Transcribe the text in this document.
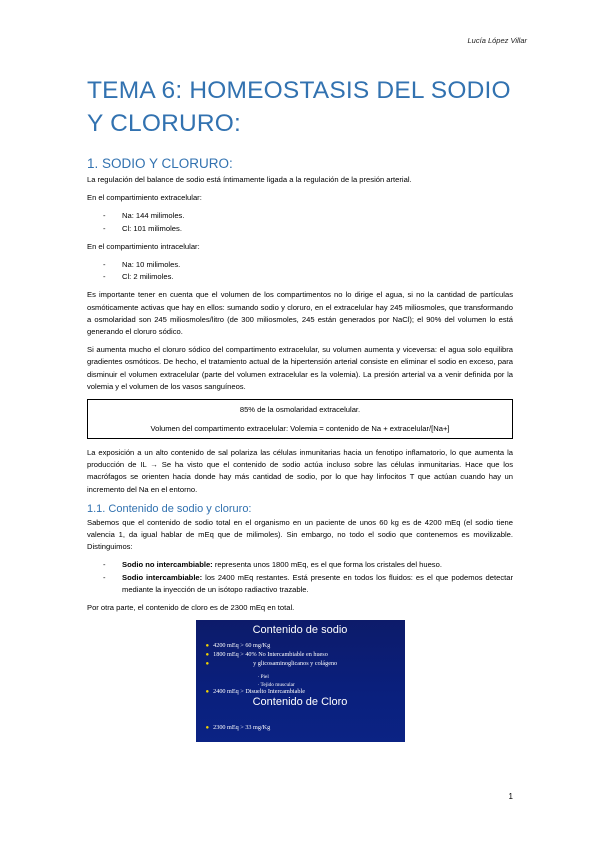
Lucía López Villar
TEMA 6: HOMEOSTASIS DEL SODIO Y CLORURO:
1. SODIO Y CLORURO:

La regulación del balance de sodio está íntimamente ligada a la regulación de la presión arterial.

En el compartimiento extracelular:

- Na: 144 milimoles.
- Cl: 101 milimoles.

En el compartimiento intracelular:

- Na: 10 milimoles.
- Cl: 2 milimoles.

Es importante tener en cuenta que el volumen de los compartimentos no lo dirige el agua, si no la cantidad de partículas osmóticamente activas que hay en ellos: sumando sodio y cloruro, en el extracelular hay 245 miliosmoles, que transformando a osmolaridad son 245 miliosmoles/litro (de 300 miliosmoles, 245 están generados por NaCl); el 90% del volumen lo está generando el cloruro sódico.

Si aumenta mucho el cloruro sódico del compartimento extracelular, su volumen aumenta y viceversa: el agua solo equilibra gradientes osmóticos. De hecho, el tratamiento actual de la hipertensión arterial consiste en eliminar el sodio en exceso, para disminuir el volumen extracelular (parte del volumen extracelular es la volemia). La presión arterial va a venir definida por la volemia y el volumen de los vasos sanguíneos.

85% de la osmolaridad extracelular.
Volumen del compartimento extracelular: Volemia = contenido de Na + extracelular/[Na+]

La exposición a un alto contenido de sal polariza las células inmunitarias hacia un fenotipo inflamatorio, lo que aumenta la producción de IL → Se ha visto que el contenido de sodio actúa incluso sobre las células inmunitarias. Hace que los macrófagos se orienten hacia donde hay más cantidad de sodio, por lo que hay linfocitos T que actúan cuando hay un incremento del Na en el entorno.

1.1. Contenido de sodio y cloruro:

Sabemos que el contenido de sodio total en el organismo en un paciente de unos 60 kg es de 4200 mEq (el sodio tiene valencia 1, da igual hablar de mEq que de milimoles). Sin embargo, no todo el sodio que contenemos es movilizable. Distinguimos:

- Sodio no intercambiable: representa unos 1800 mEq, es el que forma los cristales del hueso.
- Sodio intercambiable: los 2400 mEq restantes. Está presente en todos los fluidos: es el que podemos detectar mediante la inyección de un isótopo radiactivo trazable.

Por otra parte, el contenido de cloro es de 2300 mEq en total.

Contenido de sodio
● 4200 mEq > 60 mg/Kg
● 1800 mEq > 40% No Intercambiable en hueso
●	y glicosaminoglicanos y colágeno
· Piel
· Tejido muscular
● 2400 mEq > Disuelto Intercambiable
Contenido de Cloro
● 2300 mEq > 33 mg/Kg
1
